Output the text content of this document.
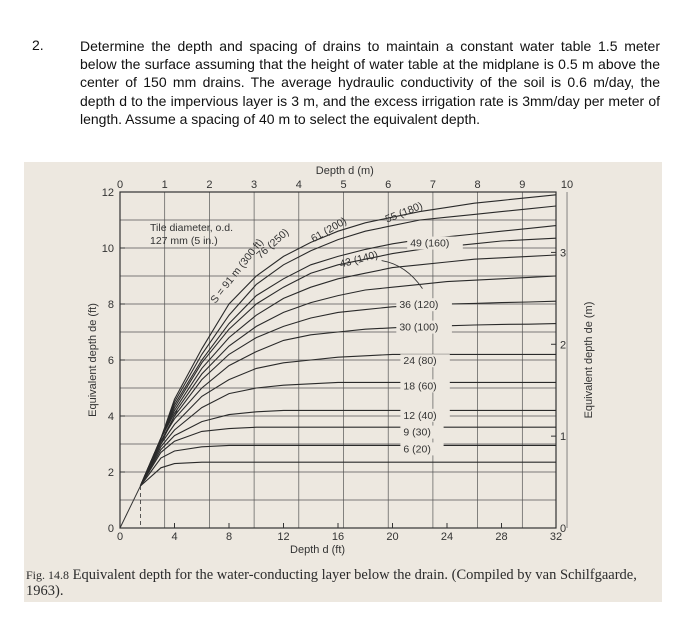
2.	Determine the depth and spacing of drains to maintain a constant water table 1.5 meter below the surface assuming that the height of water table at the midplane is 0.5 m above the center of 150 mm drains. The average hydraulic conductivity of the soil is 0.6 m/day, the depth d to the impervious layer is 3 m, and the excess irrigation rate is 3mm/day per meter of length. Assume a spacing of 40 m to select the equivalent depth.
S = 91 m (300 ft)
76 (250) 61 (200)
55 (180)
43 (140)
49 (160)
36 (120)
30 (100)
24 (80)
18 (60)
12 (40)
9 (30)
6 (20)
Tile diameter, o.d.
127 mm (5 in.)
0	1	2	3	4	5	6	7	8	9	10
Depth d (m)
0	4	8	12	16	20	24	28	32
Depth d (ft)
0
2
4
6
8
10
12
Equivalent depth de (ft)
0
1
2
3
Equivalent depth de (m)
Fig. 14.8 Equivalent depth for the water-conducting layer below the drain. (Compiled by van Schilfgaarde, 1963).
